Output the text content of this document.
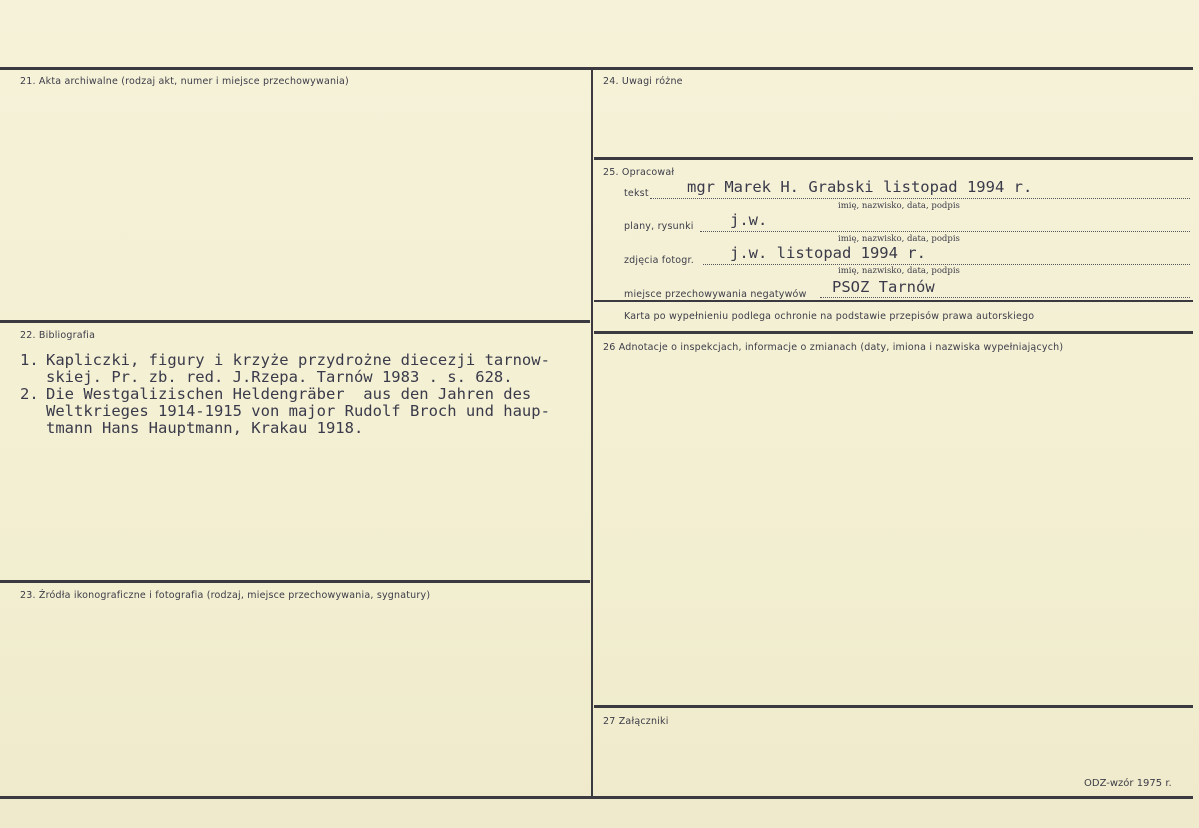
21. Akta archiwalne (rodzaj akt, numer i miejsce przechowywania)	24. Uwagi różne
25. Opracował
22. Bibliografia
26 Adnotacje o inspekcjach, informacje o zmianach (daty, imiona i nazwiska wypełniających)
23. Źródła ikonograficzne i fotografia (rodzaj, miejsce przechowywania, sygnatury)
27 Załączniki
tekst mgr Marek H. Grabski listopad 1994 r.
imię, nazwisko, data, podpis
plany, rysunki j.w.
imię, nazwisko, data, podpis
zdjęcia fotogr. j.w. listopad 1994 r.
imię, nazwisko, data, podpis
miejsce przechowywania negatywów PSOZ Tarnów
Karta po wypełnieniu podlega ochronie na podstawie przepisów prawa autorskiego
1. Kapliczki, figury i krzyże przydrożne diecezji tarnow-
skiej. Pr. zb. red. J.Rzepa. Tarnów 1983 . s. 628.
2. Die Westgalizischen Heldengräber  aus den Jahren des
Weltkrieges 1914-1915 von major Rudolf Broch und haup-
tmann Hans Hauptmann, Krakau 1918.
ODZ-wzór 1975 r.
